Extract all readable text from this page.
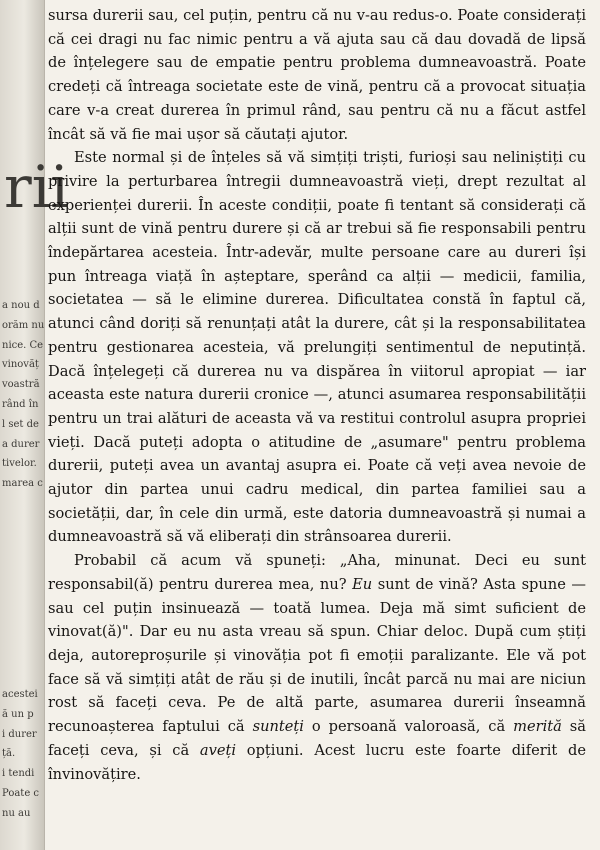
rii
a nou d
orăm nu
nice. Ce
vinovăț
voastră
rând în
l set de
a durer
tivelor.
marea c
acestei
ă un p
i durer
ță.
i tendi
Poate c
nu au

sursa durerii sau, cel puțin, pentru că nu v-au redus-o. Poate considerați că cei dragi nu fac nimic pentru a vă ajuta sau că dau dovadă de lipsă de înțelegere sau de empatie pentru problema dumneavoastră. Poate credeți că întreaga societate este de vină, pentru că a provocat situația care v-a creat durerea în primul rând, sau pentru că nu a făcut astfel încât să vă fie mai ușor să căutați ajutor.

Este normal și de înțeles să vă simțiți triști, furioși sau neliniștiți cu privire la perturbarea întregii dumneavoastră vieți, drept rezultat al experienței durerii. În aceste condiții, poate fi tentant să considerați că alții sunt de vină pentru durere și că ar trebui să fie responsabili pentru îndepărtarea acesteia. Într-adevăr, multe persoane care au dureri își pun întreaga viață în așteptare, sperând ca alții — medicii, familia, societatea — să le elimine durerea. Dificultatea constă în faptul că, atunci când doriți să renunțați atât la durere, cât și la responsabilitatea pentru gestionarea acesteia, vă prelungiți sentimentul de neputință. Dacă înțelegeți că durerea nu va dispărea în viitorul apropiat — iar aceasta este natura durerii cronice —, atunci asumarea responsabilității pentru un trai alături de aceasta vă va restitui controlul asupra propriei vieți. Dacă puteți adopta o atitudine de „asumare" pentru problema durerii, puteți avea un avantaj asupra ei. Poate că veți avea nevoie de ajutor din partea unui cadru medical, din partea familiei sau a societății, dar, în cele din urmă, este datoria dumneavoastră și numai a dumneavoastră să vă eliberați din strânsoarea durerii.

Probabil că acum vă spuneți: „Aha, minunat. Deci eu sunt responsabil(ă) pentru durerea mea, nu? Eu sunt de vină? Asta spune — sau cel puțin insinuează — toată lumea. Deja mă simt suficient de vinovat(ă)". Dar eu nu asta vreau să spun. Chiar deloc. După cum știți deja, autoreproșurile și vinovăția pot fi emoții paralizante. Ele vă pot face să vă simțiți atât de rău și de inutili, încât parcă nu mai are niciun rost să faceți ceva. Pe de altă parte, asumarea durerii înseamnă recunoașterea faptului că sunteți o persoană valoroasă, că merită să faceți ceva, și că aveți opțiuni. Acest lucru este foarte diferit de învinovățire.
